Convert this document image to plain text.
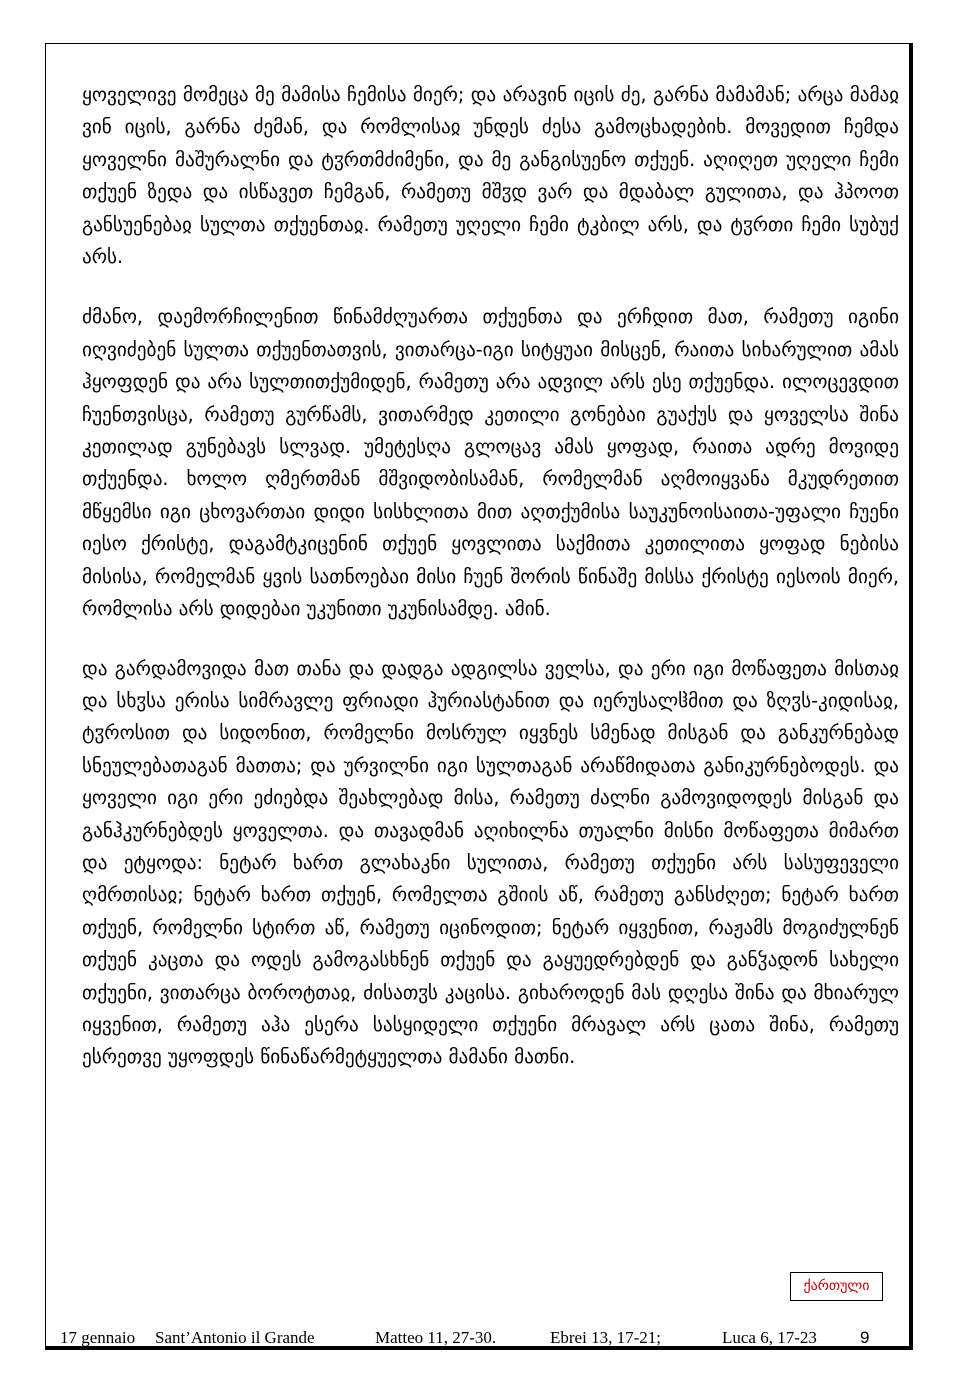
ყოველივე მომეცა მე მამისა ჩემისა მიერ; და არავინ იცის ძე, გარნა მამამან; არცა მამაჲ ვინ იცის, გარნა ძემან, და რომლისაჲ უნდეს ძესა გამოცხადებიხ. მოვედით ჩემდა ყოველნი მაშურალნი და ტჳრთმძიმენი, და მე განგისუენო თქუენ. აღიღეთ უღელი ჩემი თქუენ ზედა და ისწავეთ ჩემგან, რამეთუ მშჳდ ვარ და მდაბალ გულითა, და ჰპოოთ განსუენებაჲ სულთა თქუენთაჲ. რამეთუ უღელი ჩემი ტკბილ არს, და ტჳრთი ჩემი სუბუქ არს.

ძმანო, დაემორჩილენით წინამძღუართა თქუენთა და ერჩდით მათ, რამეთუ იგინი იღვიძებენ სულთა თქუენთათვის, ვითარცა-იგი სიტყუაი მისცენ, რაითა სიხარულით ამას ჰყოფდენ და არა სულთითქუმიდენ, რამეთუ არა ადვილ არს ესე თქუენდა. ილოცევდით ჩუენთვისცა, რამეთუ გურწამს, ვითარმედ კეთილი გონებაი გუაქუს და ყოველსა შინა კეთილად გუნებავს სლვად. უმეტესღა გლოცავ ამას ყოფად, რაითა ადრე მოვიდე თქუენდა. ხოლო ღმერთმან მშვიდობისამან, რომელმან აღმოიყვანა მკუდრეთით მწყემსი იგი ცხოვართაი დიდი სისხლითა მით აღთქუმისა საუკუნოისაითა-უფალი ჩუენი იესო ქრისტე, დაგამტკიცენინ თქუენ ყოვლითა საქმითა კეთილითა ყოფად ნებისა მისისა, რომელმან ყვის სათნოებაი მისი ჩუენ შორის წინაშე მისსა ქრისტე იესოის მიერ, რომლისა არს დიდებაი უკუნითი უკუნისამდე. ამინ.

და გარდამოვიდა მათ თანა და დადგა ადგილსა ველსა, და ერი იგი მოწაფეთა მისთაჲ და სხჳსა ერისა სიმრავლე ფრიადი ჰურიასტანით და იერუსალჱმით და ზღჳს-კიდისაჲ, ტჳროსით და სიდონით, რომელნი მოსრულ იყვნეს სმენად მისგან და განკურნებად სნეულებათაგან მათთა; და ურვილნი იგი სულთაგან არაწმიდათა განიკურნებოდეს. და ყოველი იგი ერი ეძიებდა შეახლებად მისა, რამეთუ ძალნი გამოვიდოდეს მისგან და განჰკურნებდეს ყოველთა. და თავადმან აღიხილნა თუალნი მისნი მოწაფეთა მიმართ და ეტყოდა: ნეტარ ხართ გლახაკნი სულითა, რამეთუ თქუენი არს სასუფეველი ღმრთისაჲ; ნეტარ ხართ თქუენ, რომელთა გშიის აწ, რამეთუ განსძღეთ; ნეტარ ხართ თქუენ, რომელნი სტირთ აწ, რამეთუ იცინოდით; ნეტარ იყვენით, რაჟამს მოგიძულნენ თქუენ კაცთა და ოდეს გამოგასხნენ თქუენ და გაყუედრებდენ და განჴადონ სახელი თქუენი, ვითარცა ბოროტთაჲ, ძისათჳს კაცისა. გიხაროდენ მას დღესა შინა და მხიარულ იყვენით, რამეთუ აჰა ესერა სასყიდელი თქუენი მრავალ არს ცათა შინა, რამეთუ ესრეთვე უყოფდეს წინაწარმეტყუელთა მამანი მათნი.

ქართული
17 gennaio Sant’Antonio il Grande	Matteo 11, 27-30.	Ebrei 13, 17-21;	Luca 6, 17-23	9
